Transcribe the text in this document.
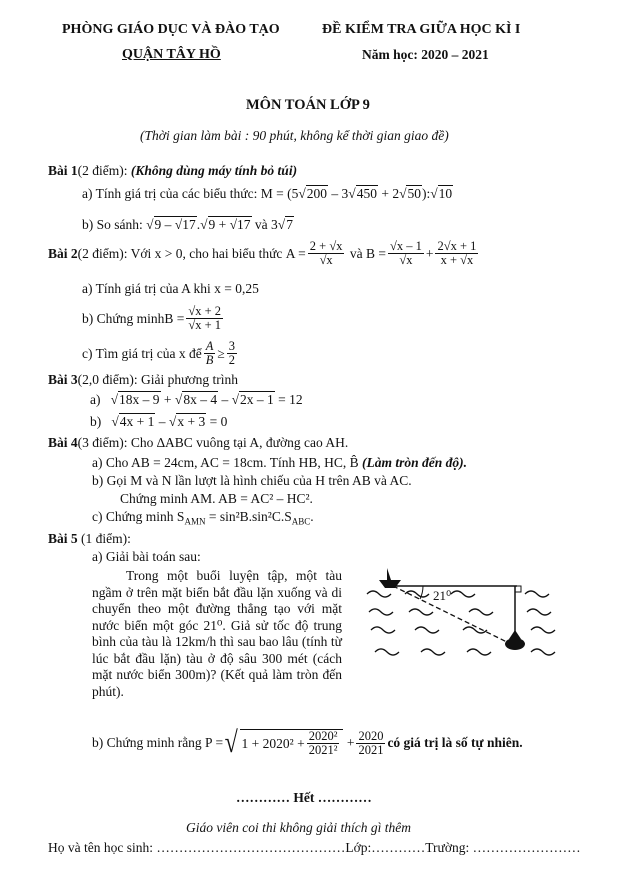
PHÒNG GIÁO DỤC VÀ ĐÀO TẠO
QUẬN TÂY HỒ
ĐỀ KIỂM TRA GIỮA HỌC KÌ I
Năm học: 2020 – 2021
MÔN TOÁN LỚP 9
(Thời gian làm bài : 90 phút, không kể thời gian giao đề)
Bài 1(2 điểm): (Không dùng máy tính bỏ túi)
a) Tính giá trị của các biểu thức: M = (5√200 – 3√450 + 2√50):√10
b) So sánh: √9 – √17.√9 + √17 và 3√7
Bài 2 (2 điểm): Với x > 0, cho hai biểu thức $A = \frac{2 + √x}{√x}$ và $B = \frac{√x - 1}{√x} + \frac{2√x + 1}{x + √x}$
a) Tính giá trị của A khi x = 0,25
b) Chứng minh $B = \frac{√x + 2}{√x + 1}$
c) Tìm giá trị của x để $\frac{A}{B} \ge \frac{3}{2}$
Bài 3(2,0 điểm): Giải phương trình
a)   √18x – 9 + √8x – 4 – √2x – 1 = 12
b)   √4x + 1 – √x + 3 = 0
Bài 4(3 điểm): Cho ∆ABC vuông tại A, đường cao AH.
a) Cho AB = 24cm, AC = 18cm. Tính HB, HC, B̂ (Làm tròn đến độ).
b) Gọi M và N lần lượt là hình chiếu của H trên AB và AC.
Chứng minh AM. AB = AC² – HC².
c) Chứng minh $S_{AMN} = \sin^2B.\sin^2C.S_{ABC}$.
Bài 5 (1 điểm):
a) Giải bài toán sau:

Trong một buổi luyện tập, một tàu ngầm ở trên mặt biển bắt đầu lặn xuống và di chuyển theo một đường thẳng tạo với mặt nước biển một góc 21⁰. Giả sử tốc độ trung bình của tàu là 12km/h thì sau bao lâu (tính từ lúc bắt đầu lặn) tàu ở độ sâu 300 mét (cách mặt nước biển 300m)? (Kết quả làm tròn đến phút).

21⁰
b) Chứng minh rằng P = √ $1 + 2020^2 + \frac{\text{2020²}}{\text{2021²}} + \frac{2020}{2021}$ có giá trị là số tự nhiên.
………… Hết …………
Giáo viên coi thi không giải thích gì thêm
Họ và tên học sinh: ……………………………………Lớp:…………Trường: ……………………
